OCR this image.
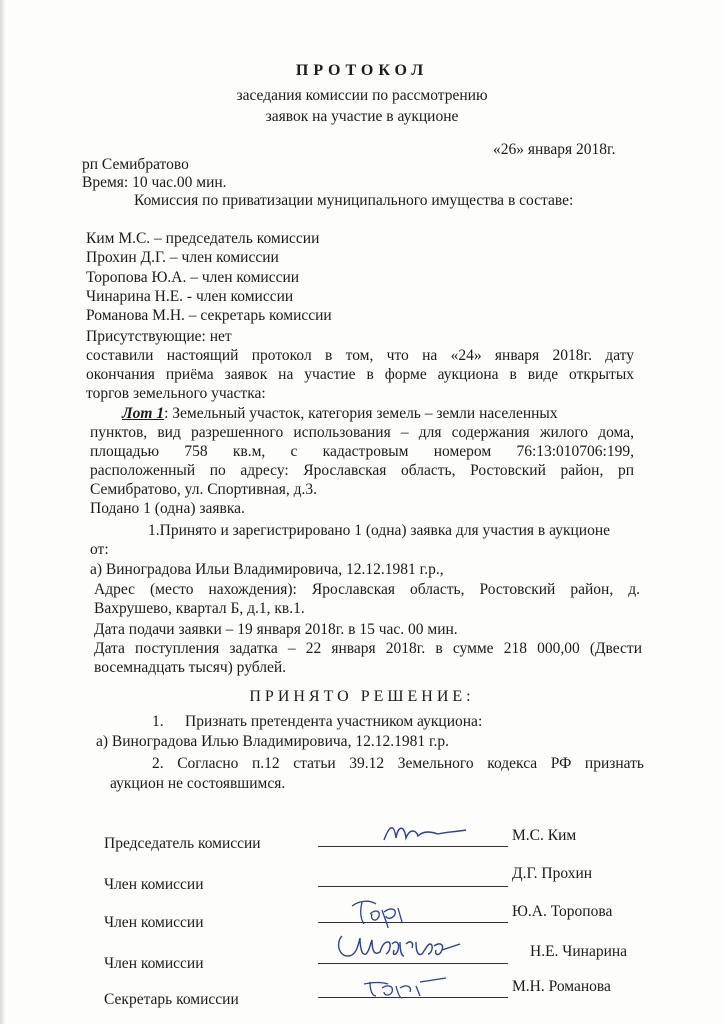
ПРОТОКОЛ
заседания комиссии по рассмотрению
заявок на участие в аукционе
«26» января 2018г.
рп Семибратово
Время: 10 час.00 мин.
Комиссия по приватизации муниципального имущества в составе:
Ким М.С. – председатель комиссии
Прохин Д.Г. – член комиссии
Торопова Ю.А. – член комиссии
Чинарина Н.Е. - член комиссии
Романова М.Н. – секретарь комиссии
Присутствующие: нет
составили настоящий протокол в том, что на «24» января 2018г. дату
окончания приёма заявок на участие в форме аукциона в виде открытых
торгов земельного участка:
Лот 1: Земельный участок, категория земель – земли населенных
пунктов, вид разрешенного использования – для содержания жилого дома,
площадью 758 кв.м, с кадастровым номером 76:13:010706:199,
расположенный по адресу: Ярославская область, Ростовский район, рп
Семибратово, ул. Спортивная, д.3.
Подано 1 (одна) заявка.
1.Принято и зарегистрировано 1 (одна) заявка для участия в аукционе
от:
а) Виноградова Ильи Владимировича, 12.12.1981 г.р.,
Адрес (место нахождения): Ярославская область, Ростовский район, д.
Вахрушево, квартал Б, д.1, кв.1.
Дата подачи заявки – 19 января 2018г. в 15 час. 00 мин.
Дата поступления задатка – 22 января 2018г. в сумме 218 000,00 (Двести
восемнадцать тысяч) рублей.
ПРИНЯТО РЕШЕНИЕ:
1. Признать претендента участником аукциона:
а) Виноградова Илью Владимировича, 12.12.1981 г.р.
2. Согласно п.12 статьи 39.12 Земельного кодекса РФ признать
аукцион не состоявшимся.
Председатель комиссии	М.С. Ким
Член комиссии
Д.Г. Прохин
Член комиссии
Ю.А. Торопова
Член комиссии
Н.Е. Чинарина
Секретарь комиссии
М.Н. Романова
